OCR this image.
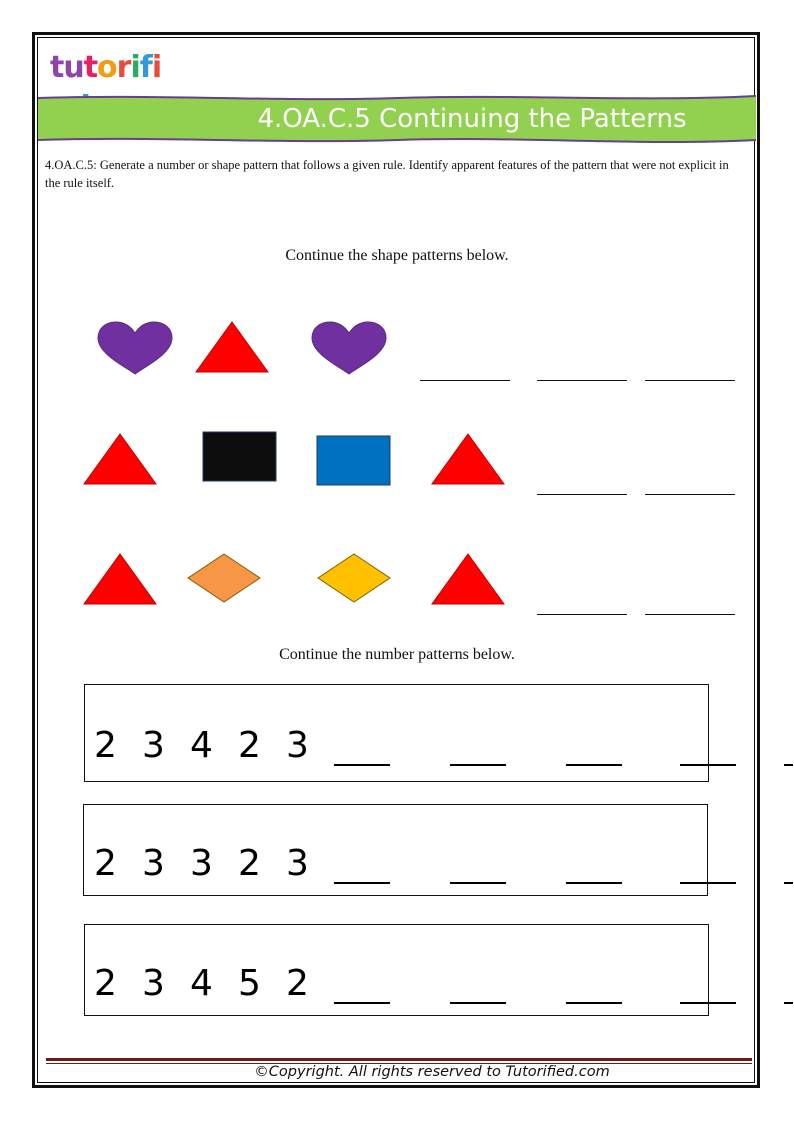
tutorifi
4.OA.C.5 Continuing the Patterns
4.OA.C.5: Generate a number or shape pattern that follows a given rule. Identify apparent features of the pattern that were not explicit in the rule itself.
Continue the shape patterns below.
Continue the number patterns below.
2 3 4 2 3
2 3 3 2 3
2 3 4 5 2
©Copyright. All rights reserved to Tutorified.com
